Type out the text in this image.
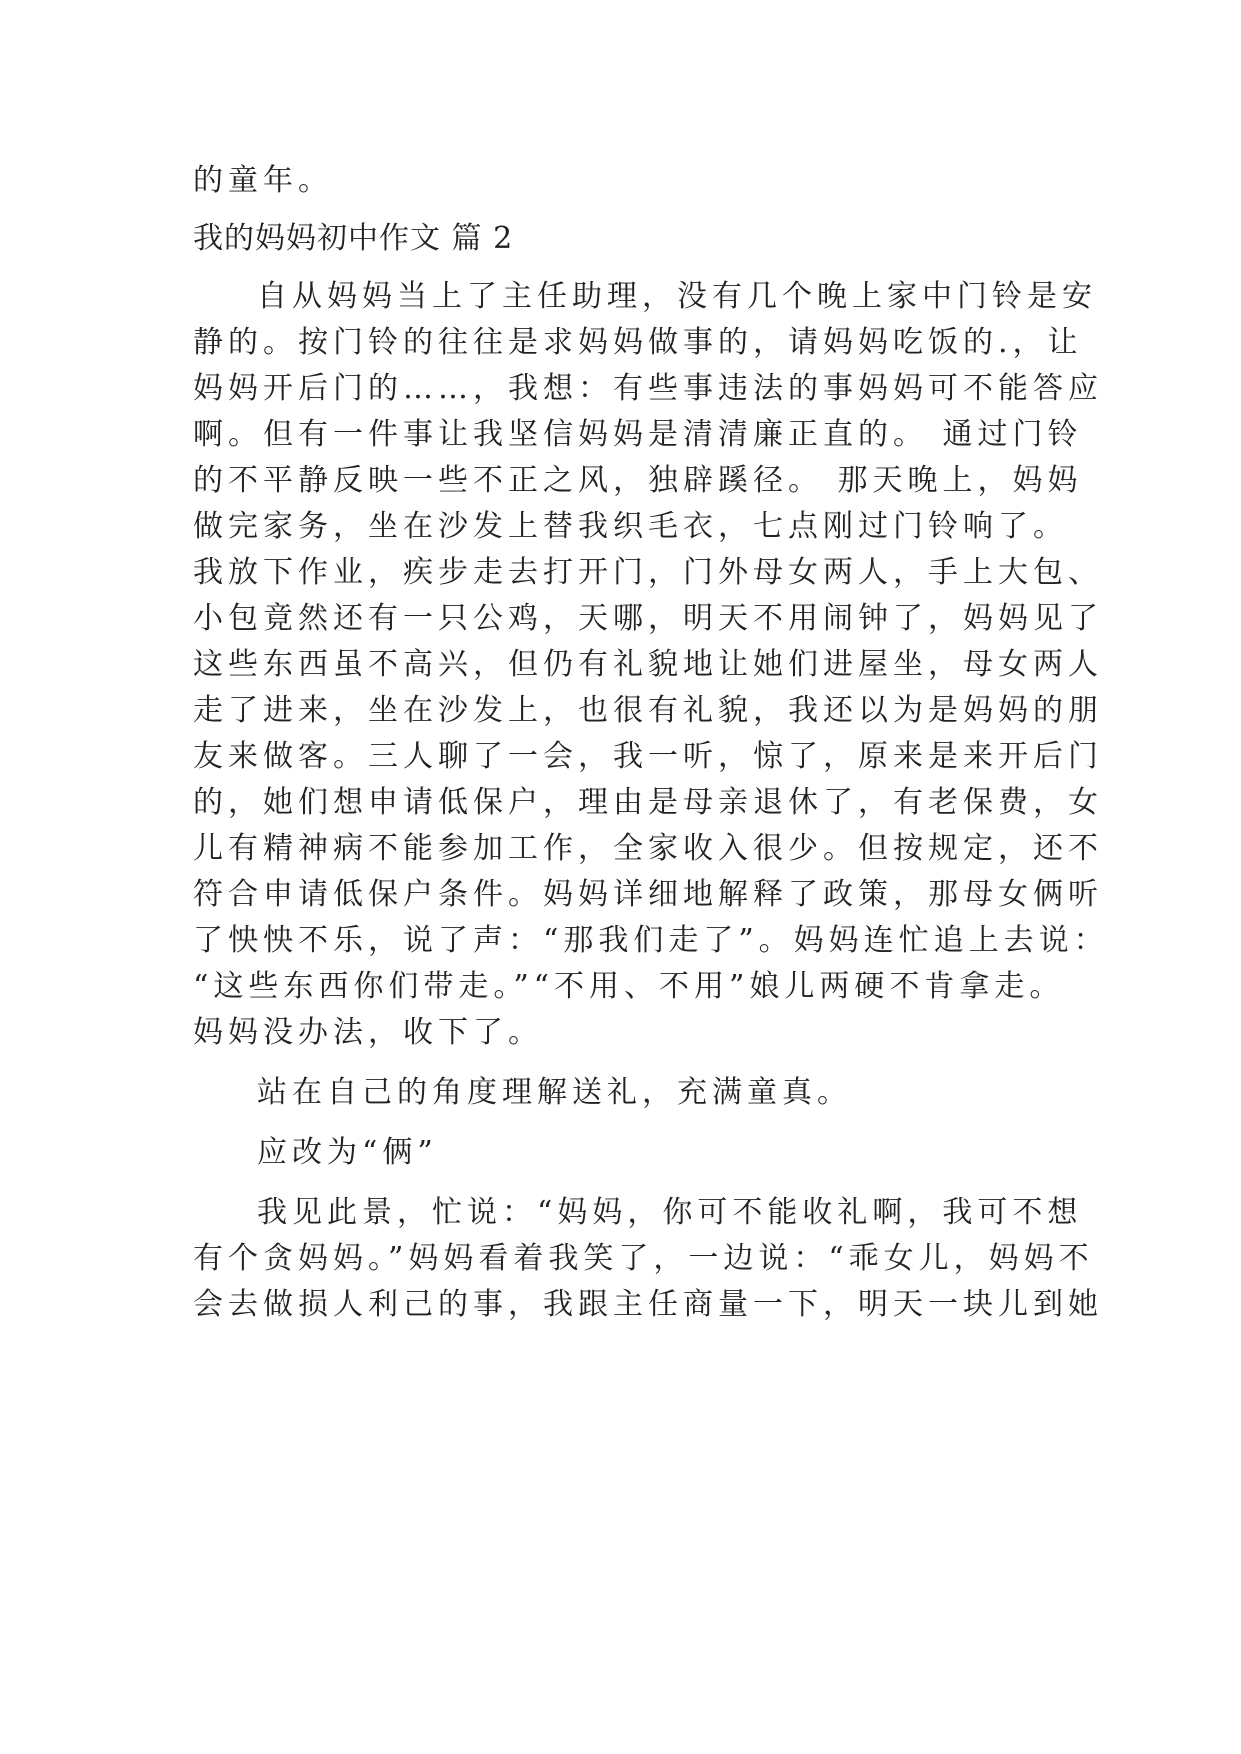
的童年。

我的妈妈初中作文 篇 2

自从妈妈当上了主任助理，没有几个晚上家中门铃是安

静的。按门铃的往往是求妈妈做事的，请妈妈吃饭的.，让

妈妈开后门的……，我想：有些事违法的事妈妈可不能答应

啊。但有一件事让我坚信妈妈是清清廉正直的。 通过门铃

的不平静反映一些不正之风，独辟蹊径。 那天晚上，妈妈

做完家务，坐在沙发上替我织毛衣，七点刚过门铃响了。

我放下作业，疾步走去打开门，门外母女两人，手上大包、

小包竟然还有一只公鸡，天哪，明天不用闹钟了，妈妈见了

这些东西虽不高兴，但仍有礼貌地让她们进屋坐，母女两人

走了进来，坐在沙发上，也很有礼貌，我还以为是妈妈的朋

友来做客。三人聊了一会，我一听，惊了，原来是来开后门

的，她们想申请低保户，理由是母亲退休了，有老保费，女

儿有精神病不能参加工作，全家收入很少。但按规定，还不

符合申请低保户条件。妈妈详细地解释了政策，那母女俩听

了怏怏不乐，说了声：“那我们走了”。妈妈连忙追上去说：

“这些东西你们带走。”“不用、不用”娘儿两硬不肯拿走。

妈妈没办法，收下了。

站在自己的角度理解送礼，充满童真。

应改为“俩”

我见此景，忙说：“妈妈，你可不能收礼啊，我可不想

有个贪妈妈。”妈妈看着我笑了，一边说：“乖女儿，妈妈不

会去做损人利己的事，我跟主任商量一下，明天一块儿到她
